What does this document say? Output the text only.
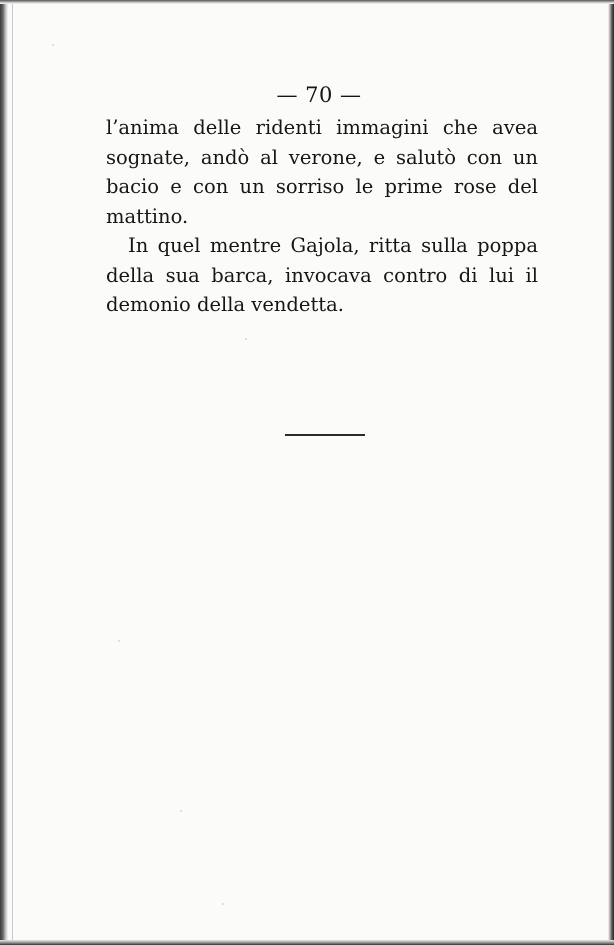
— 70 —

l’anima delle ridenti immagini che avea sognate, andò al verone, e salutò con un bacio e con un sorriso le prime rose del mattino.

In quel mentre Gajola, ritta sulla poppa della sua barca, invocava contro di lui il demonio della vendetta.
